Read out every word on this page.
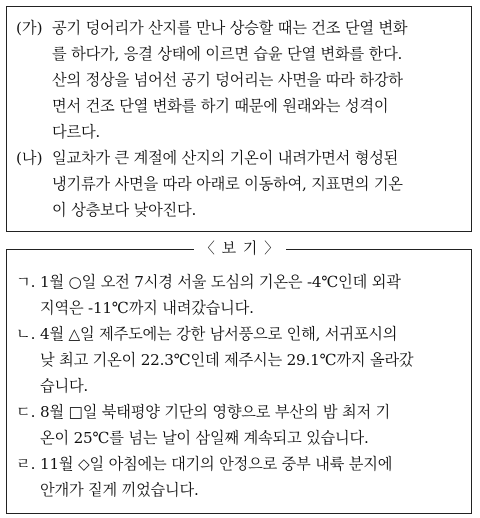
(가) 공기 덩어리가 산지를 만나 상승할 때는 건조 단열 변화
를 하다가, 응결 상태에 이르면 습윤 단열 변화를 한다.
산의 정상을 넘어선 공기 덩어리는 사면을 따라 하강하
면서 건조 단열 변화를 하기 때문에 원래와는 성격이
다르다.
(나) 일교차가 큰 계절에 산지의 기온이 내려가면서 형성된
냉기류가 사면을 따라 아래로 이동하여, 지표면의 기온
이 상층보다 낮아진다.
〈 보 기 〉
ㄱ. 1월 ○일 오전 7시경 서울 도심의 기온은 -4℃인데 외곽
지역은 -11℃까지 내려갔습니다.
ㄴ. 4월 △일 제주도에는 강한 남서풍으로 인해, 서귀포시의
낮 최고 기온이 22.3℃인데 제주시는 29.1℃까지 올라갔
습니다.
ㄷ. 8월 □일 북태평양 기단의 영향으로 부산의 밤 최저 기
온이 25℃를 넘는 날이 삼일째 계속되고 있습니다.
ㄹ. 11월 ◇일 아침에는 대기의 안정으로 중부 내륙 분지에
안개가 짙게 끼었습니다.
